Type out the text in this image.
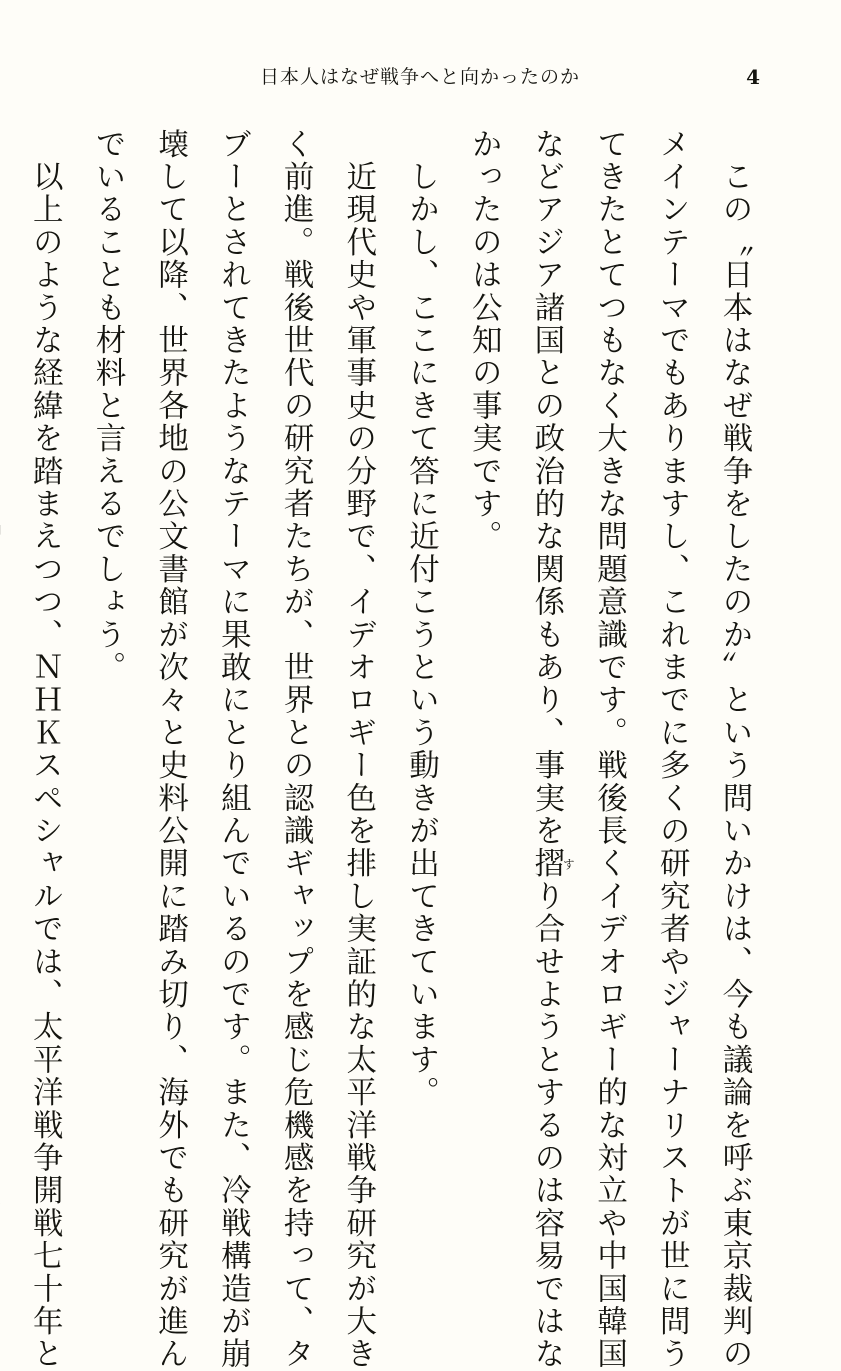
日本人はなぜ戦争へと向かったのか	4

　この〝日本はなぜ戦争をしたのか〟という問いかけは、今も議論を呼ぶ東京裁判の

メインテーマでもありますし、これまでに多くの研究者やジャーナリストが世に問う

てきたとてつもなく大きな問題意識です。戦後長くイデオロギー的な対立や中国韓国

などアジア諸国との政治的な関係もあり、事実を摺すり合せようとするのは容易ではな

かったのは公知の事実です。

　しかし、ここにきて答に近付こうという動きが出てきています。

　近現代史や軍事史の分野で、イデオロギー色を排し実証的な太平洋戦争研究が大き

く前進。戦後世代の研究者たちが、世界との認識ギャップを感じ危機感を持って、タ

ブーとされてきたようなテーマに果敢にとり組んでいるのです。また、冷戦構造が崩

壊して以降、世界各地の公文書館が次々と史料公開に踏み切り、海外でも研究が進ん

でいることも材料と言えるでしょう。

　以上のような経緯を踏まえつつ、ＮＨＫスペシャルでは、太平洋戦争開戦七十年と
